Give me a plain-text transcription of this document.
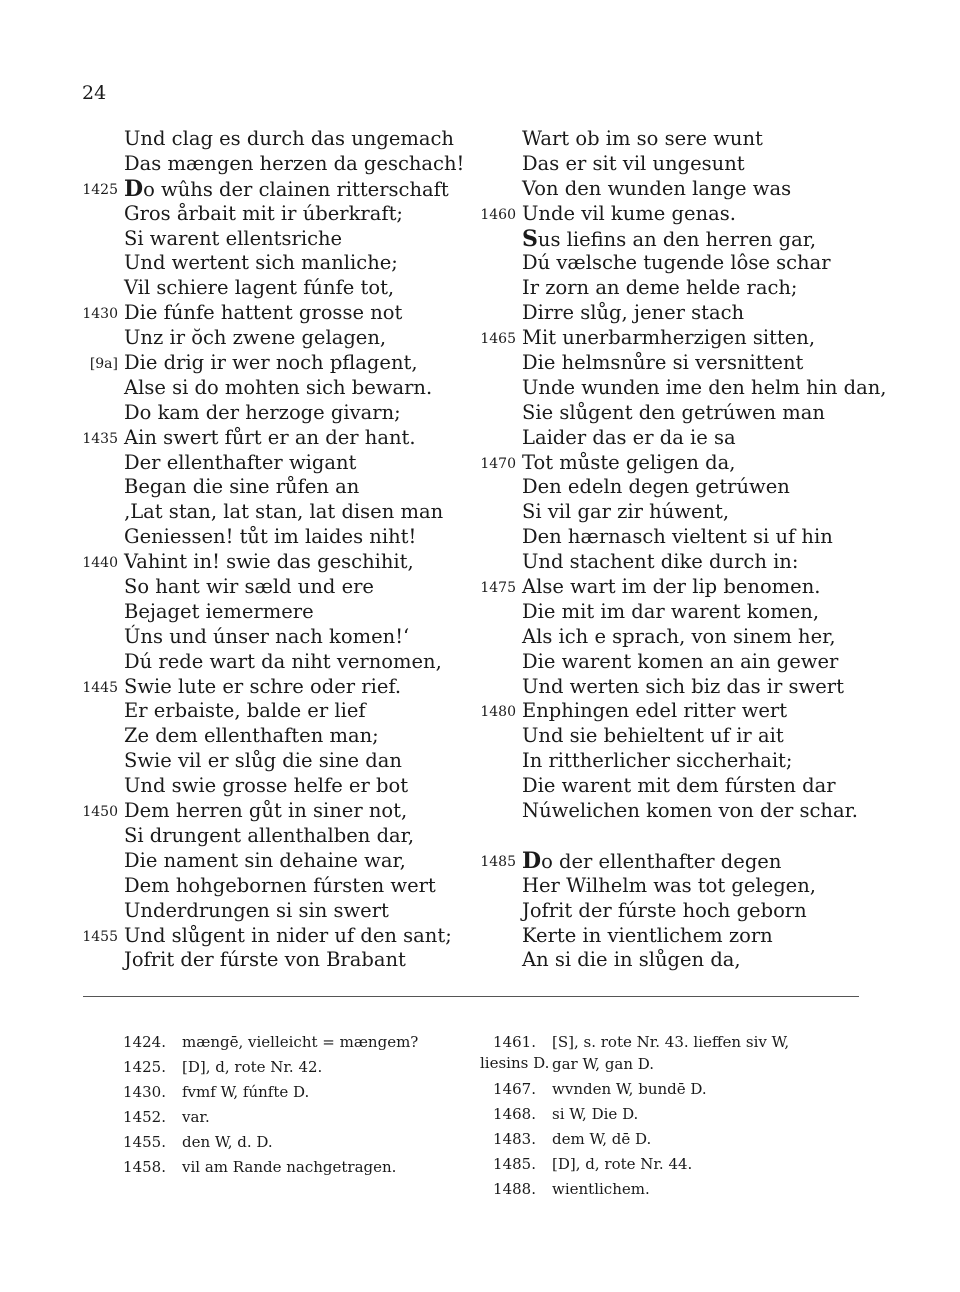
24
Und clag es durch das ungemach
Das mængen herzen da geschach!
1425 Do wûhs der clainen ritterschaft
Gros årbait mit ir úberkraft;
Si warent ellentsriche
Und wertent sich manliche;
Vil schiere lagent fúnfe tot,
1430 Die fúnfe hattent grosse not
Unz ir ŏch zwene gelagen,
[9a] Die drig ir wer noch pflagent,
Alse si do mohten sich bewarn.
Do kam der herzoge givarn;
1435 Ain swert fůrt er an der hant.
Der ellenthafter wigant
Began die sine růfen an
‚Lat stan, lat stan, lat disen man
Geniessen! tůt im laides niht!
1440 Vahint in! swie das geschihit,
So hant wir sæld und ere
Bejaget iemermere
Úns und únser nach komen!‘
Dú rede wart da niht vernomen,
1445 Swie lute er schre oder rief.
Er erbaiste, balde er lief
Ze dem ellenthaften man;
Swie vil er slůg die sine dan
Und swie grosse helfe er bot
1450 Dem herren gůt in siner not,
Si drungent allenthalben dar,
Die nament sin dehaine war,
Dem hohgebornen fúrsten wert
Underdrungen si sin swert
1455 Und slůgent in nider uf den sant;
Jofrit der fúrste von Brabant
Wart ob im so sere wunt
Das er sit vil ungesunt
Von den wunden lange was
1460 Unde vil kume genas.
Sus liefins an den herren gar,
Dú vælsche tugende lôse schar
Ir zorn an deme helde rach;
Dirre slůg, jener stach
1465 Mit unerbarmherzigen sitten,
Die helmsnůre si versnittent
Unde wunden ime den helm hin dan,
Sie slůgent den getrúwen man
Laider das er da ie sa
1470 Tot můste geligen da,
Den edeln degen getrúwen
Si vil gar zir húwent,
Den hærnasch vieltent si uf hin
Und stachent dike durch in:
1475 Alse wart im der lip benomen.
Die mit im dar warent komen,
Als ich e sprach, von sinem her,
Die warent komen an ain gewer
Und werten sich biz das ir swert
1480 Enphingen edel ritter wert
Und sie behieltent uf ir ait
In rittherlicher siccherhait;
Die warent mit dem fúrsten dar
Núwelichen komen von der schar.
1485 Do der ellenthafter degen
Her Wilhelm was tot gelegen,
Jofrit der fúrste hoch geborn
Kerte in vientlichem zorn
An si die in slůgen da,
1424. mængē, vielleicht = mængem?
1425. [D], d, rote Nr. 42.
1430. fvmf W, fúnfte D.
1452. var.
1455. den W, d. D.
1458. vil am Rande nachgetragen.
1461. [S], s. rote Nr. 43. lieffen siv W,
liesins D. gar W, gan D.
1467. wvnden W, bundē D.
1468. si W, Die D.
1483. dem W, dē D.
1485. [D], d, rote Nr. 44.
1488. wientlichem.
